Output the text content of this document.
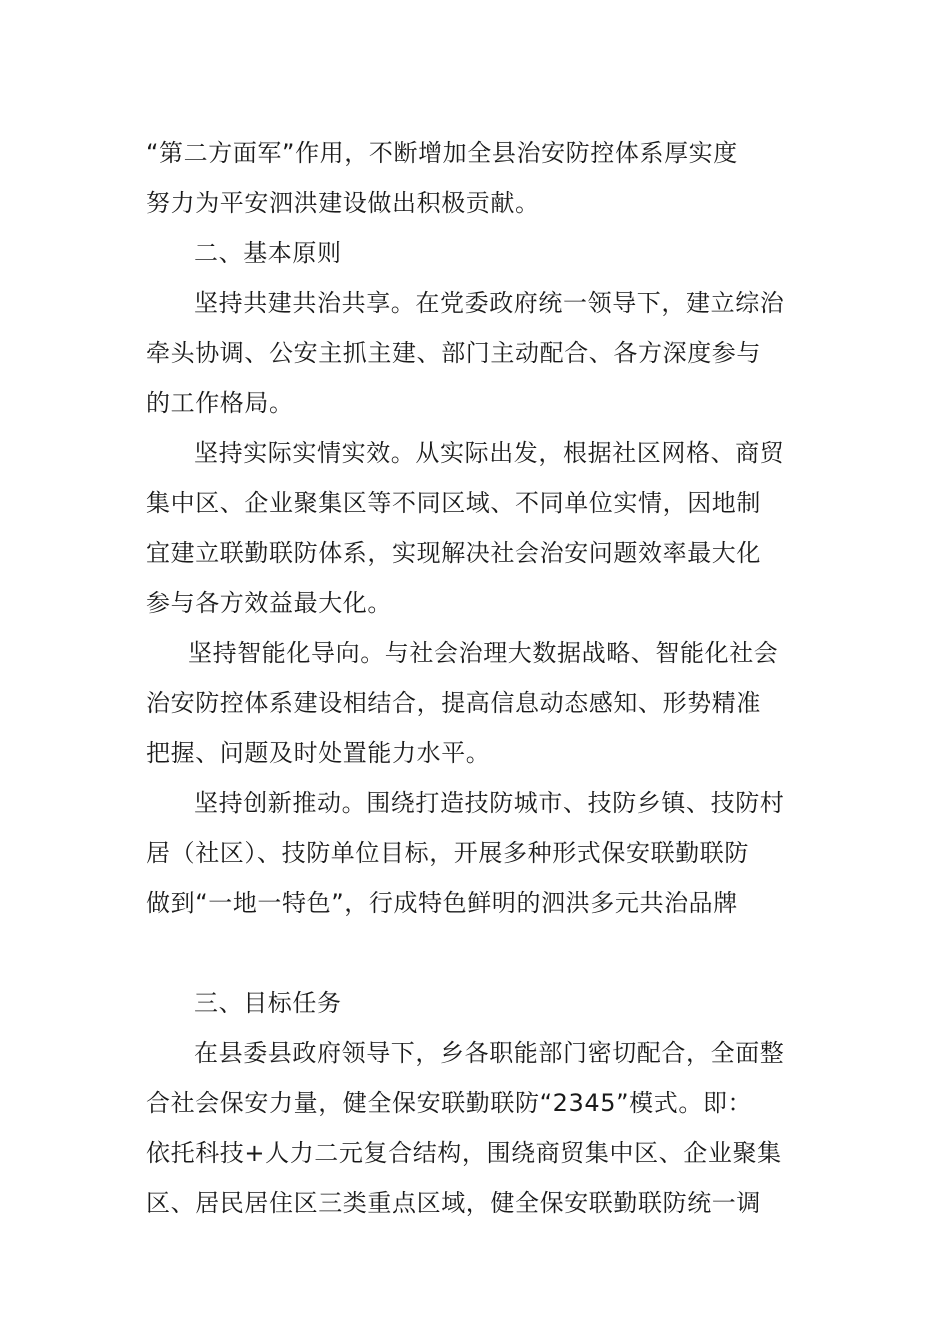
“第二方面军”作用，不断增加全县治安防控体系厚实度
努力为平安泗洪建设做出积极贡献。
二、基本原则
坚持共建共治共享。在党委政府统一领导下，建立综治
牵头协调、公安主抓主建、部门主动配合、各方深度参与
的工作格局。
坚持实际实情实效。从实际出发，根据社区网格、商贸
集中区、企业聚集区等不同区域、不同单位实情，因地制
宜建立联勤联防体系，实现解决社会治安问题效率最大化
参与各方效益最大化。
坚持智能化导向。与社会治理大数据战略、智能化社会
治安防控体系建设相结合，提高信息动态感知、形势精准
把握、问题及时处置能力水平。
坚持创新推动。围绕打造技防城市、技防乡镇、技防村
居（社区）、技防单位目标，开展多种形式保安联勤联防
做到“一地一特色”，行成特色鲜明的泗洪多元共治品牌
三、目标任务
在县委县政府领导下，乡各职能部门密切配合，全面整
合社会保安力量，健全保安联勤联防“2345”模式。即：
依托科技+人力二元复合结构，围绕商贸集中区、企业聚集
区、居民居住区三类重点区域，健全保安联勤联防统一调
